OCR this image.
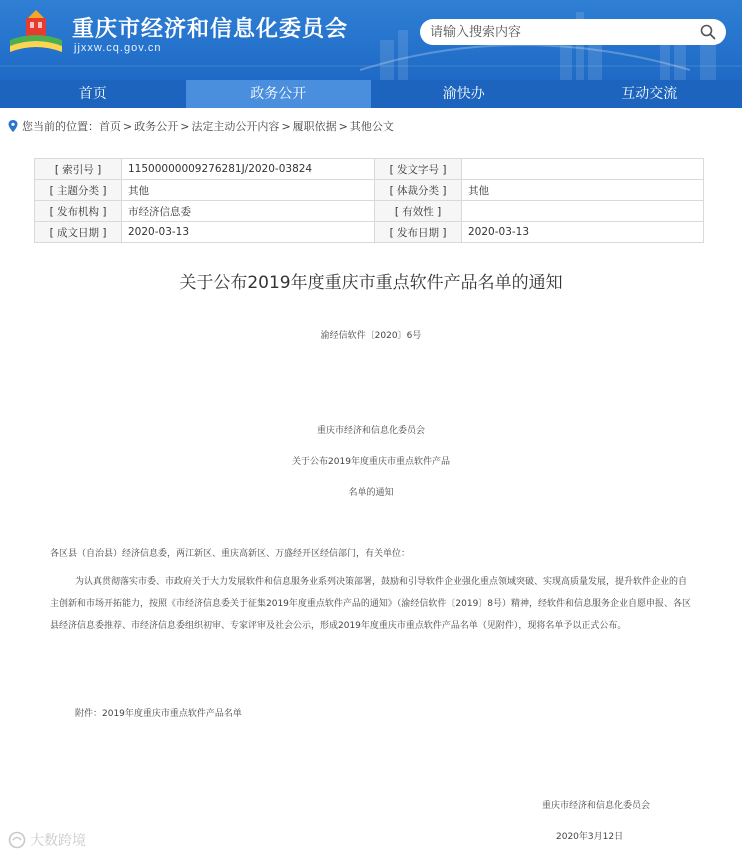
重庆市经济和信息化委员会
jjxxw.cq.gov.cn
请输入搜索内容
首页	政务公开	渝快办	互动交流
您当前的位置： 首页 > 政务公开 > 法定主动公开内容 > 履职依据 > 其他公文
[ 索引号 ]	11500000009276281J/2020-03824	[ 发文字号 ]	
[ 主题分类 ]	其他	[ 体裁分类 ]	其他
[ 发布机构 ]	市经济信息委	[ 有效性 ]	
[ 成文日期 ]	2020-03-13	[ 发布日期 ]	2020-03-13
关于公布2019年度重庆市重点软件产品名单的通知
渝经信软件〔2020〕6号
重庆市经济和信息化委员会
关于公布2019年度重庆市重点软件产品
名单的通知
各区县（自治县）经济信息委，两江新区、重庆高新区、万盛经开区经信部门，有关单位：
为认真贯彻落实市委、市政府关于大力发展软件和信息服务业系列决策部署，鼓励和引导软件企业强化重点领域突破、实现高质量发展，提升软件企业的自主创新和市场开拓能力，按照《市经济信息委关于征集2019年度重点软件产品的通知》（渝经信软件〔2019〕8号）精神，经软件和信息服务企业自愿申报、各区县经济信息委推荐、市经济信息委组织初审、专家评审及社会公示，形成2019年度重庆市重点软件产品名单（见附件），现将名单予以正式公布。
附件：2019年度重庆市重点软件产品名单
重庆市经济和信息化委员会
2020年3月12日
大数跨境
